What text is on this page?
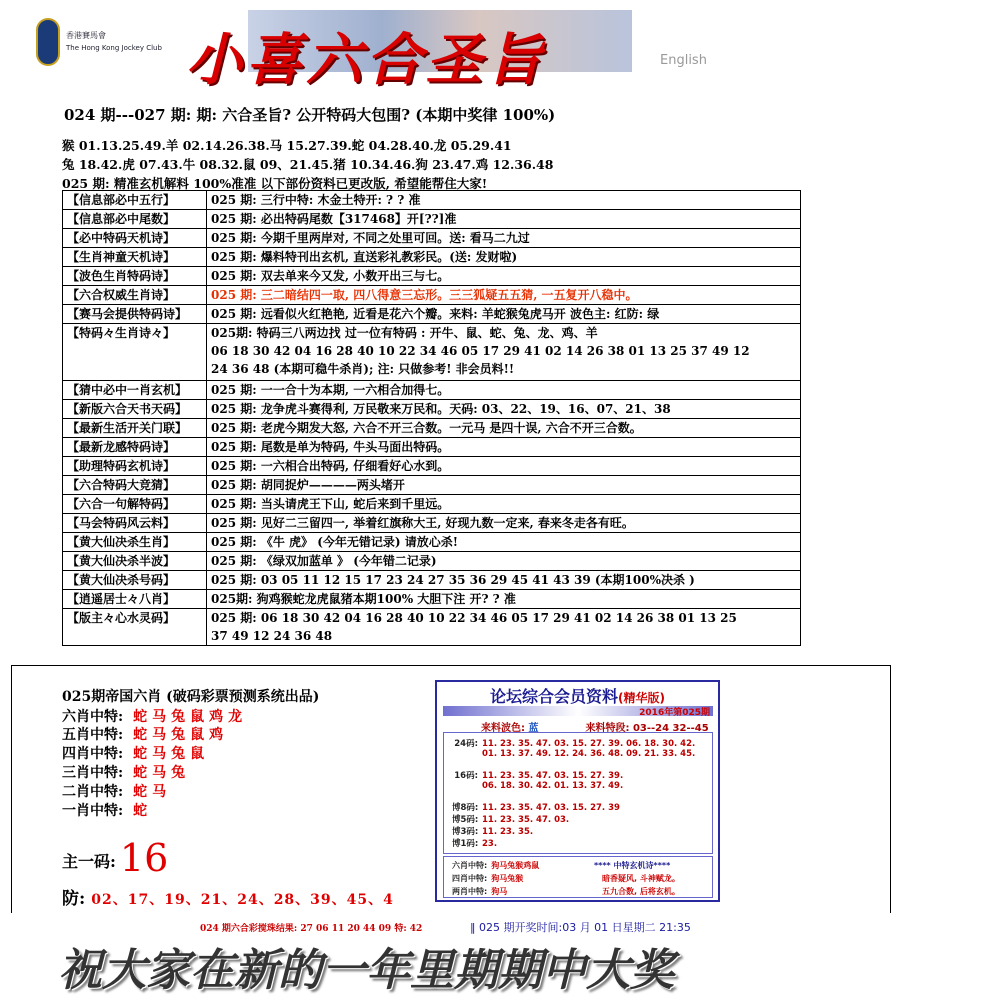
香港賽馬會
The Hong Kong Jockey Club 小喜六合圣旨	English
024 期---027 期: 期: 六合圣旨? 公开特码大包围? (本期中奖律 100%)
猴 01.13.25.49.羊 02.14.26.38.马 15.27.39.蛇 04.28.40.龙 05.29.41
兔 18.42.虎 07.43.牛 08.32.鼠 09、21.45.猪 10.34.46.狗 23.47.鸡 12.36.48
025 期: 精准玄机解料 100%准准 以下部份资料已更改版, 希望能帮住大家!
【信息部必中五行】	025 期: 三行中特: 木金土特开: ? ? 准
【信息部必中尾数】	025 期: 必出特码尾数【317468】开[??]准
【必中特码天机诗】	025 期: 今期千里两岸对, 不同之处里可回。送: 看马二九过
【生肖神童天机诗】	025 期: 爆料特刊出玄机, 直送彩礼教彩民。(送: 发财啦)
【波色生肖特码诗】	025 期: 双去单来今又发, 小数开出三与七。
【六合权威生肖诗】	025 期: 三二暗结四一取, 四八得意三忘形。三三狐疑五五猜, 一五复开八稳中。
【赛马会提供特码诗】	025 期: 远看似火红艳艳, 近看是花六个瓣。来料: 羊蛇猴兔虎马开 波色主: 红防: 绿
【特码々生肖诗々】	025期: 特码三八两边找 过一位有特码 : 开牛、鼠、蛇、兔、龙、鸡、羊
06 18 30 42 04 16 28 40 10 22 34 46 05 17 29 41 02 14 26 38 01 13 25 37 49 12
24 36 48 (本期可稳牛杀肖); 注: 只做参考! 非会员料!!

【猜中必中一肖玄机】	025 期: 一一合十为本期, 一六相合加得七。
【新版六合天书天码】	025 期: 龙争虎斗赛得利, 万民敬来万民和。天码: 03、22、19、16、07、21、38
【最新生活开关门联】	025 期: 老虎今期发大怒, 六合不开三合数。一元马 是四十误, 六合不开三合数。
【最新龙感特码诗】	025 期: 尾数是单为特码, 牛头马面出特码。
【助理特码玄机诗】	025 期: 一六相合出特码, 仔细看好心水到。
【六合特码大竞猜】	025 期: 胡同捉炉————两头堵开
【六合一句解特码】	025 期: 当头请虎王下山, 蛇后来到千里远。
【马会特码风云料】	025 期: 见好二三留四一, 举着红旗称大王, 好现九数一定来, 春来冬走各有旺。
【黄大仙决杀生肖】	025 期: 《牛 虎》 (今年无错记录) 请放心杀!
【黄大仙决杀半波】	025 期: 《绿双加蓝单 》 (今年错二记录)
【黄大仙决杀号码】	025 期: 03 05 11 12 15 17 23 24 27 35 36 29 45 41 43 39 (本期100%决杀 )
【逍遥居士々八肖】	025期: 狗鸡猴蛇龙虎鼠猪本期100% 大胆下注 开? ? 准
【版主々心水灵码】	025 期: 06 18 30 42 04 16 28 40 10 22 34 46 05 17 29 41 02 14 26 38 01 13 25
37 49 12 24 36 48
025期帝国六肖 (破码彩票预测系统出品)
六肖中特: 蛇马兔鼠鸡龙
五肖中特: 蛇马兔鼠鸡
四肖中特: 蛇马兔鼠
三肖中特: 蛇马兔
二肖中特: 蛇马
一肖中特: 蛇
主一码: 16
防: 02、17、19、21、24、28、39、45、4
论坛综合会员资料(精华版)
2016年第025期
来料波色: 蓝	来料特段: 03--24 32--45
24码: 11. 23. 35. 47. 03. 15. 27. 39. 06. 18. 30. 42.
01. 13. 37. 49. 12. 24. 36. 48. 09. 21. 33. 45.
16码: 11. 23. 35. 47. 03. 15. 27. 39.
06. 18. 30. 42. 01. 13. 37. 49.
博8码: 11. 23. 35. 47. 03. 15. 27. 39
博5码: 11. 23. 35. 47. 03.
博3码: 11. 23. 35.
博1码: 23.
六肖中特: 狗马兔猴鸡鼠
四肖中特: 狗马兔猴
两肖中特: 狗马
**** 中特玄机诗****
暗香疑风, 斗神赋龙。
五九合数, 后将玄机。
024 期六合彩搅珠结果: 27 06 11 20 44 09 特: 42	‖ 025 期开奖时间:03 月 01 日星期二 21:35
祝大家在新的一年里期期中大奖
